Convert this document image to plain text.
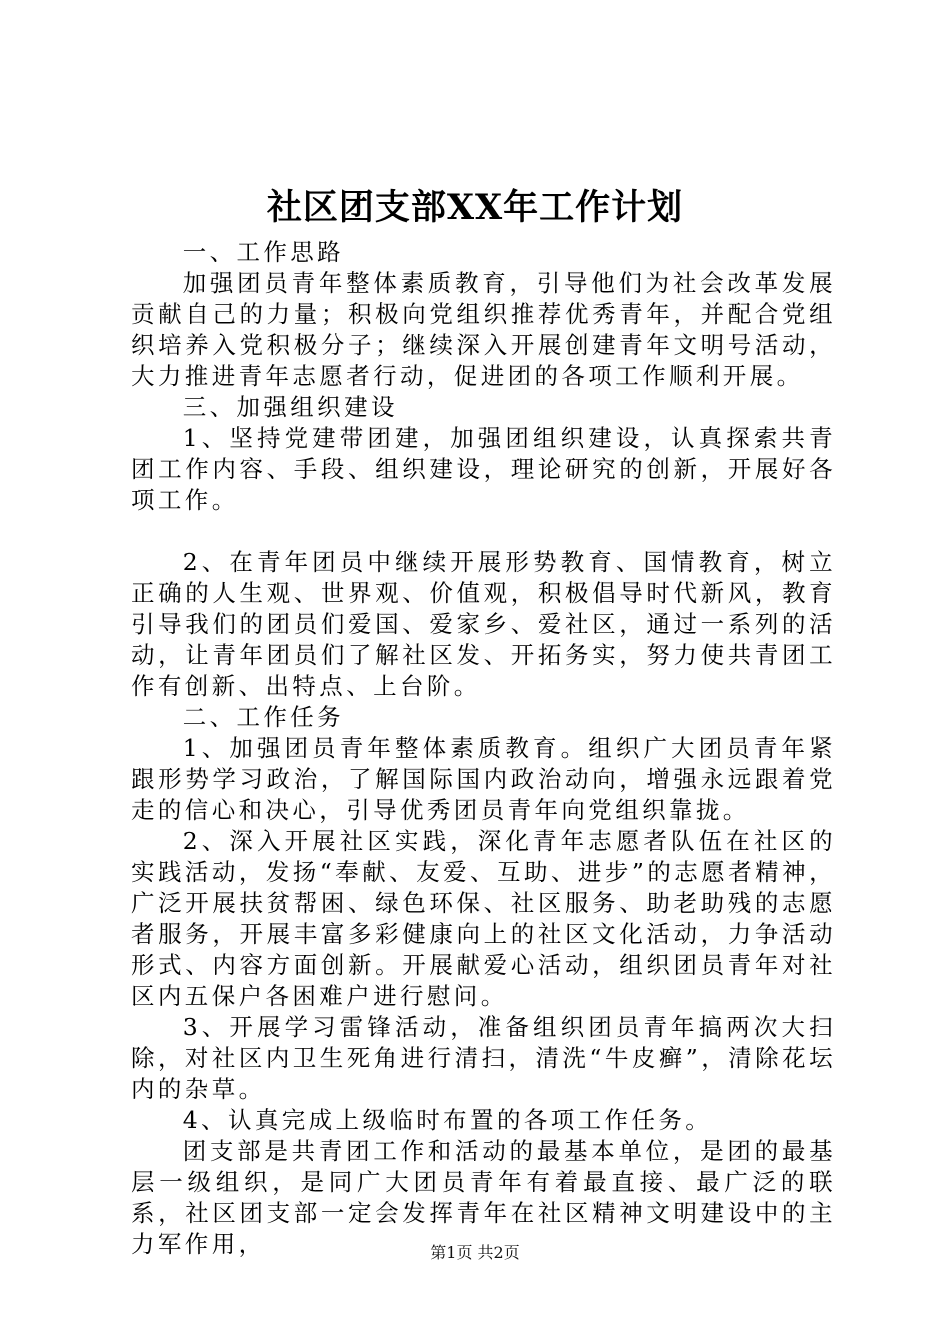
社区团支部XX年工作计划

一、工作思路

加强团员青年整体素质教育，引导他们为社会改革发展贡献自己的力量；积极向党组织推荐优秀青年，并配合党组织培养入党积极分子；继续深入开展创建青年文明号活动，大力推进青年志愿者行动，促进团的各项工作顺利开展。

三、加强组织建设

1、坚持党建带团建，加强团组织建设，认真探索共青团工作内容、手段、组织建设，理论研究的创新，开展好各项工作。

2、在青年团员中继续开展形势教育、国情教育，树立正确的人生观、世界观、价值观，积极倡导时代新风，教育引导我们的团员们爱国、爱家乡、爱社区，通过一系列的活动，让青年团员们了解社区发、开拓务实，努力使共青团工作有创新、出特点、上台阶。

二、工作任务

1、加强团员青年整体素质教育。组织广大团员青年紧跟形势学习政治，了解国际国内政治动向，增强永远跟着党走的信心和决心，引导优秀团员青年向党组织靠拢。

2、深入开展社区实践，深化青年志愿者队伍在社区的实践活动，发扬“奉献、友爱、互助、进步”的志愿者精神，广泛开展扶贫帮困、绿色环保、社区服务、助老助残的志愿者服务，开展丰富多彩健康向上的社区文化活动，力争活动形式、内容方面创新。开展献爱心活动，组织团员青年对社区内五保户各困难户进行慰问。

3、开展学习雷锋活动，准备组织团员青年搞两次大扫除，对社区内卫生死角进行清扫，清洗“牛皮癣”，清除花坛内的杂草。

4、认真完成上级临时布置的各项工作任务。

团支部是共青团工作和活动的最基本单位，是团的最基层一级组织，是同广大团员青年有着最直接、最广泛的联系，社区团支部一定会发挥青年在社区精神文明建设中的主力军作用，	第1页 共2页
